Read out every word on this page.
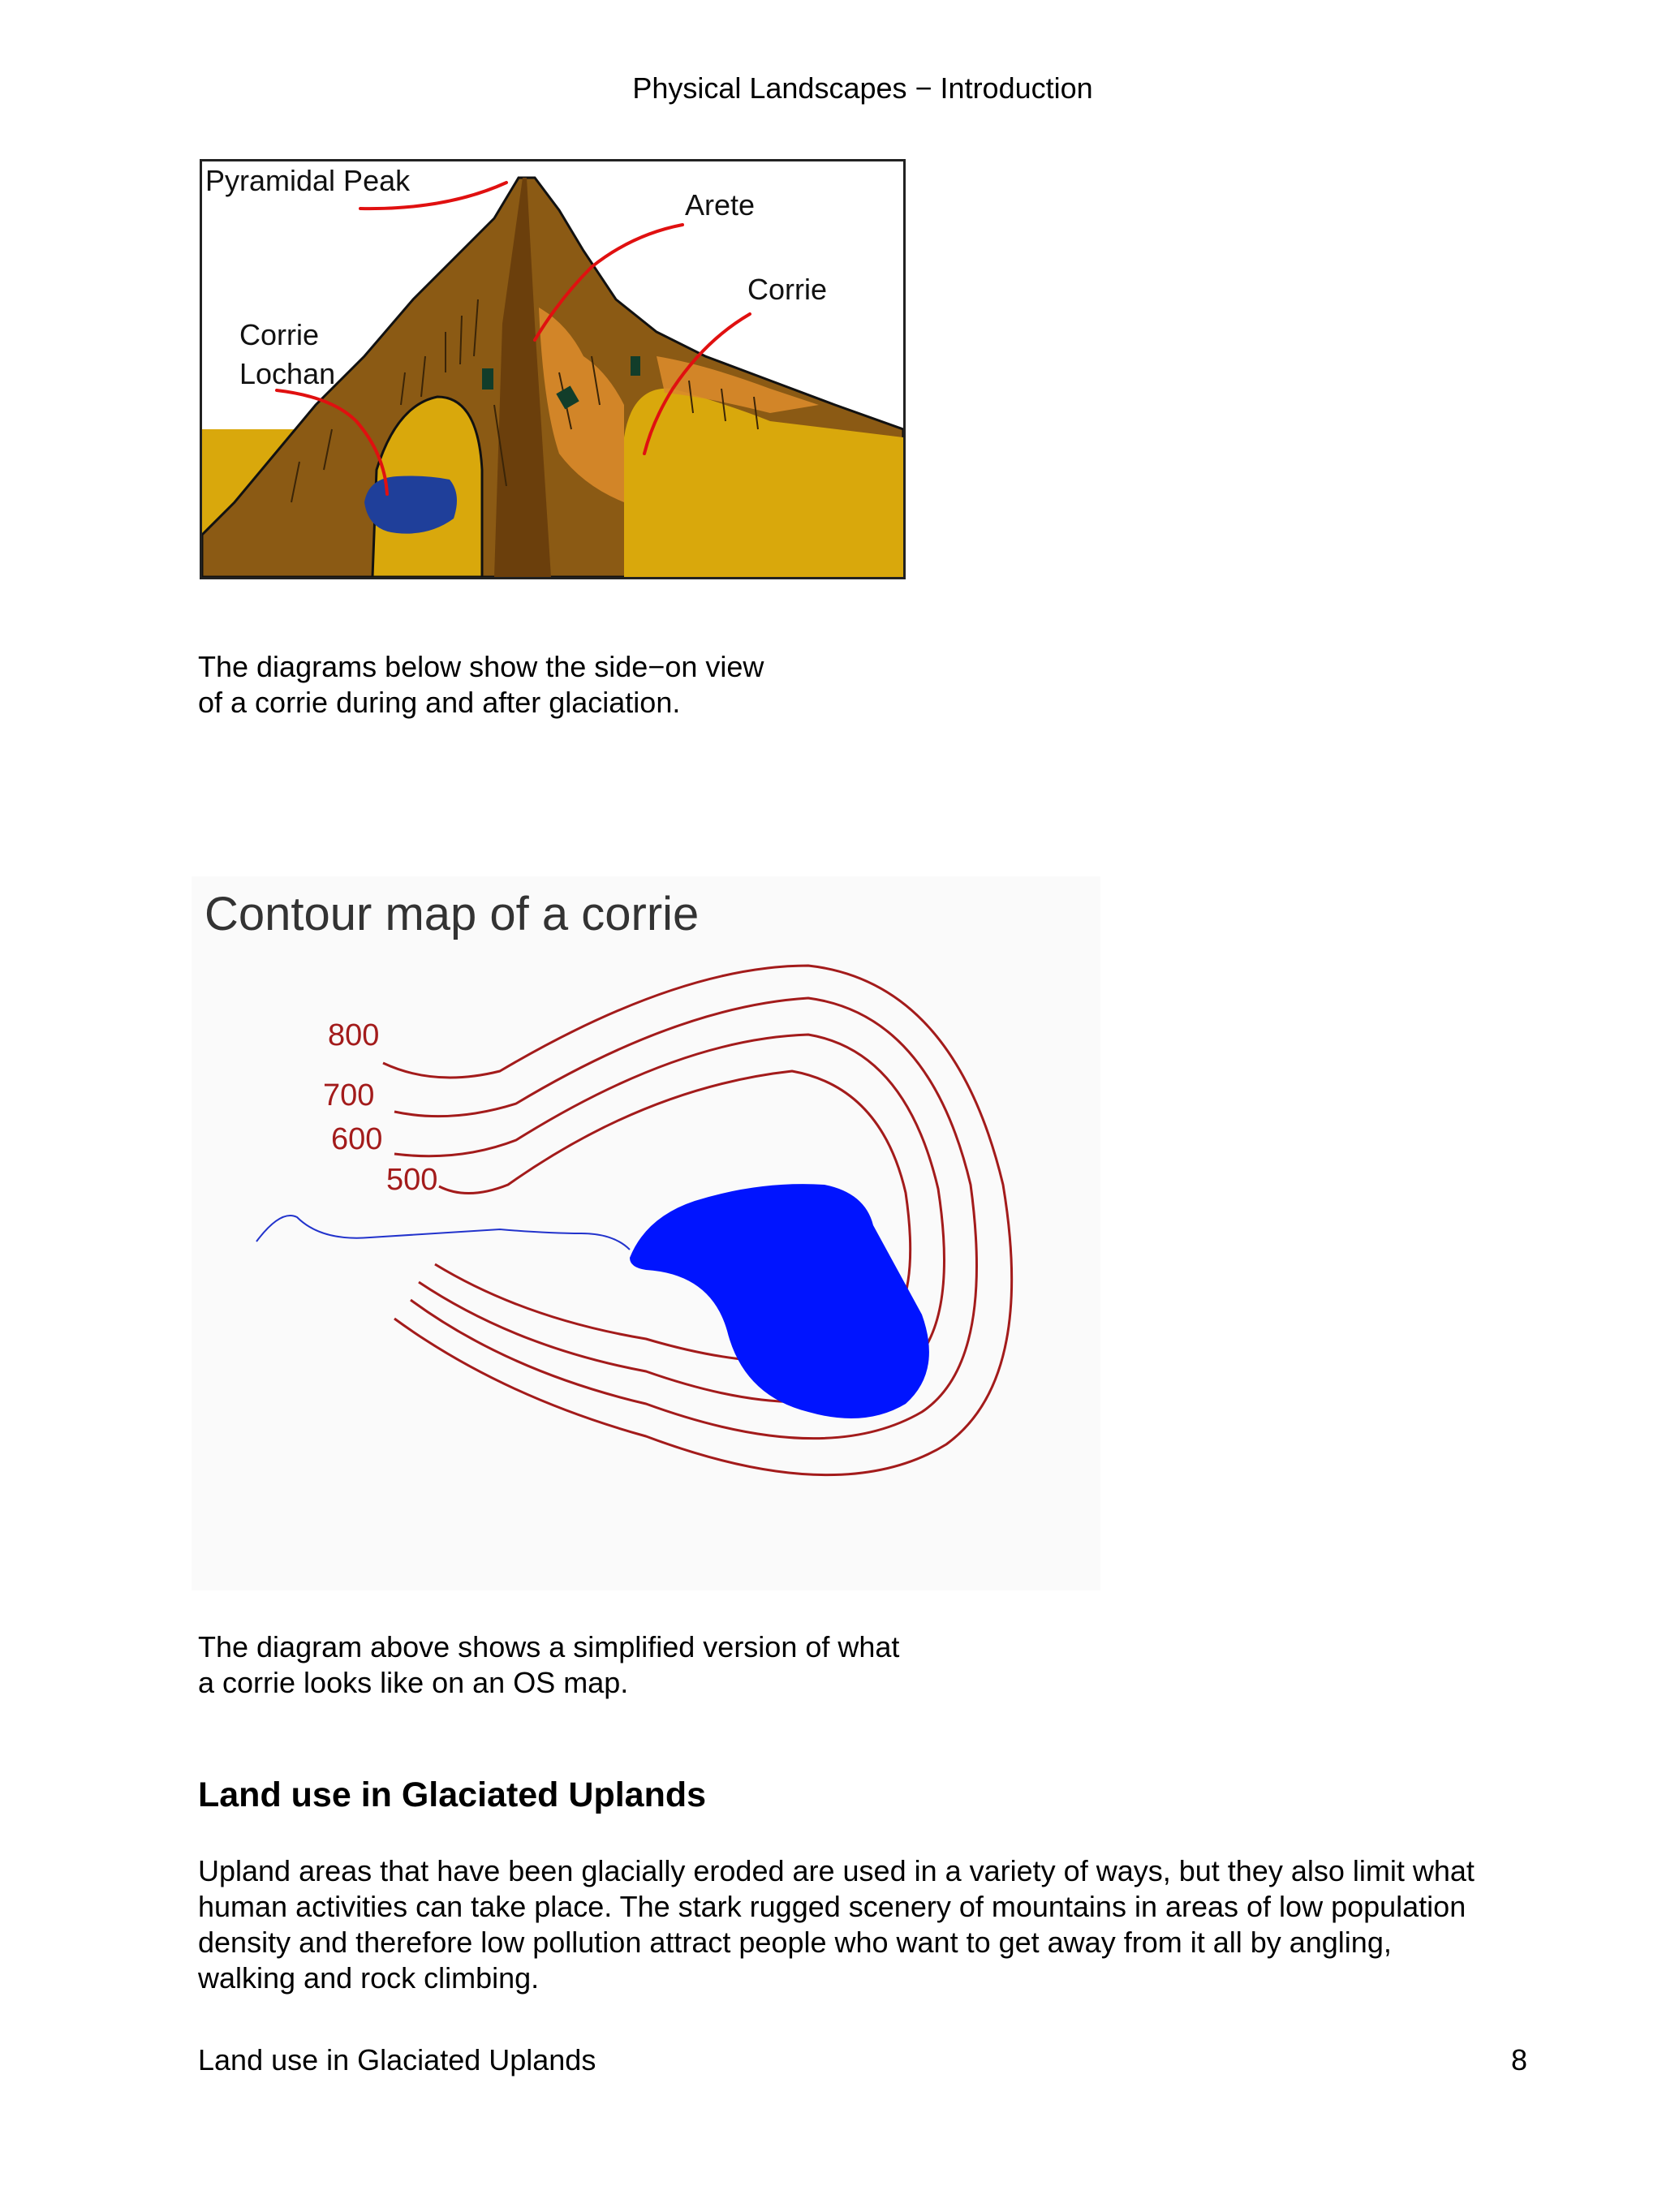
Physical Landscapes − Introduction
Pyramidal Peak
Arete
Corrie
Corrie
Lochan
The diagrams below show the side−on view
of a corrie during and after glaciation.
Contour map of a corrie
800
700
600
500
The diagram above shows a simplified version of what
a corrie looks like on an OS map.
Land use in Glaciated Uplands
Upland areas that have been glacially eroded are used in a variety of ways, but they also limit what
human activities can take place. The stark rugged scenery of mountains in areas of low population
density and therefore low pollution attract people who want to get away from it all by angling,
walking and rock climbing.
Land use in Glaciated Uplands	8
